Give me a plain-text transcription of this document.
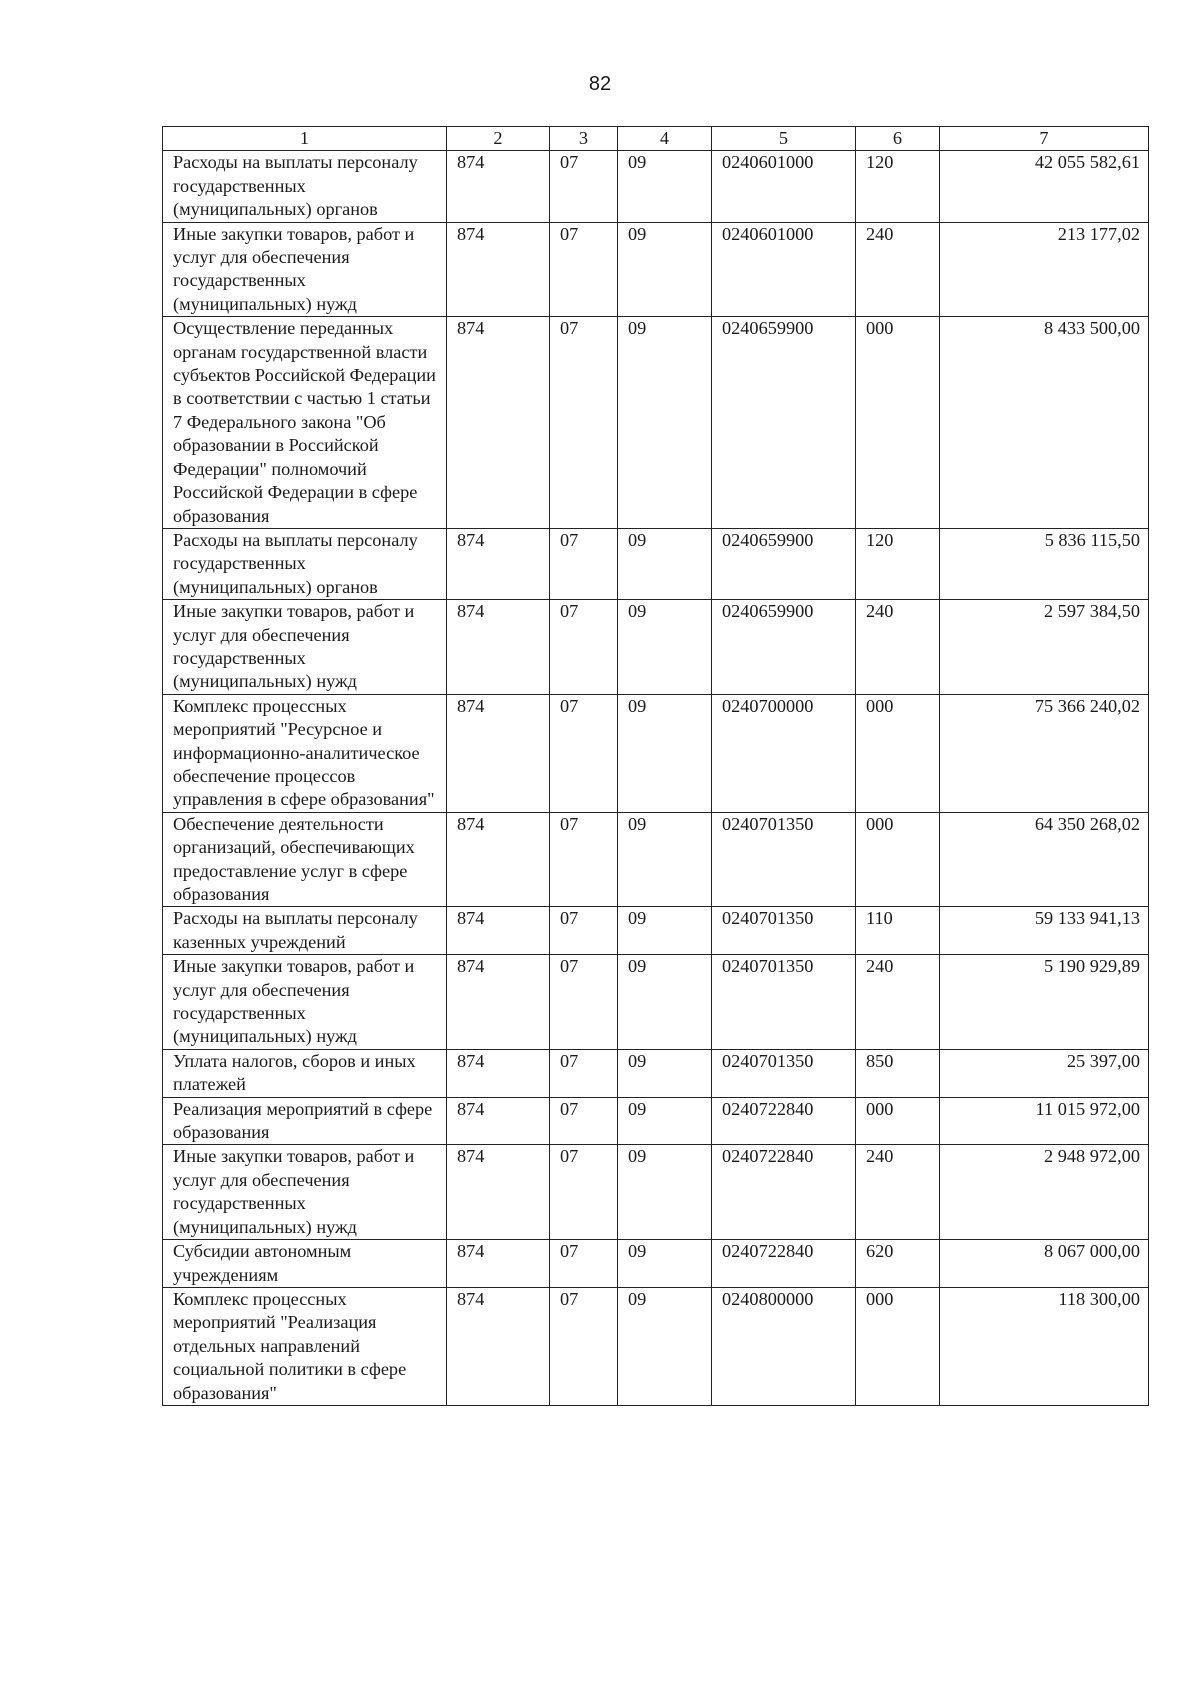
82
1	2	3	4	5	6	7
Расходы на выплаты персоналу государственных (муниципальных) органов	874	07	09	0240601000	120	42 055 582,61
Иные закупки товаров, работ и услуг для обеспечения государственных (муниципальных) нужд	874	07	09	0240601000	240	213 177,02
Осуществление переданных органам государственной власти субъектов Российской Федерации в соответствии с частью 1 статьи 7 Федерального закона "Об образовании в Российской Федерации" полномочий Российской Федерации в сфере образования	874	07	09	0240659900	000	8 433 500,00
Расходы на выплаты персоналу государственных (муниципальных) органов	874	07	09	0240659900	120	5 836 115,50
Иные закупки товаров, работ и услуг для обеспечения государственных (муниципальных) нужд	874	07	09	0240659900	240	2 597 384,50
Комплекс процессных мероприятий "Ресурсное и информационно-аналитическое обеспечение процессов управления в сфере образования"	874	07	09	0240700000	000	75 366 240,02
Обеспечение деятельности организаций, обеспечивающих предоставление услуг в сфере образования	874	07	09	0240701350	000	64 350 268,02
Расходы на выплаты персоналу казенных учреждений	874	07	09	0240701350	110	59 133 941,13
Иные закупки товаров, работ и услуг для обеспечения государственных (муниципальных) нужд	874	07	09	0240701350	240	5 190 929,89
Уплата налогов, сборов и иных платежей	874	07	09	0240701350	850	25 397,00
Реализация мероприятий в сфере образования	874	07	09	0240722840	000	11 015 972,00
Иные закупки товаров, работ и услуг для обеспечения государственных (муниципальных) нужд	874	07	09	0240722840	240	2 948 972,00
Субсидии автономным учреждениям	874	07	09	0240722840	620	8 067 000,00
Комплекс процессных мероприятий "Реализация отдельных направлений социальной политики в сфере образования"	874	07	09	0240800000	000	118 300,00
